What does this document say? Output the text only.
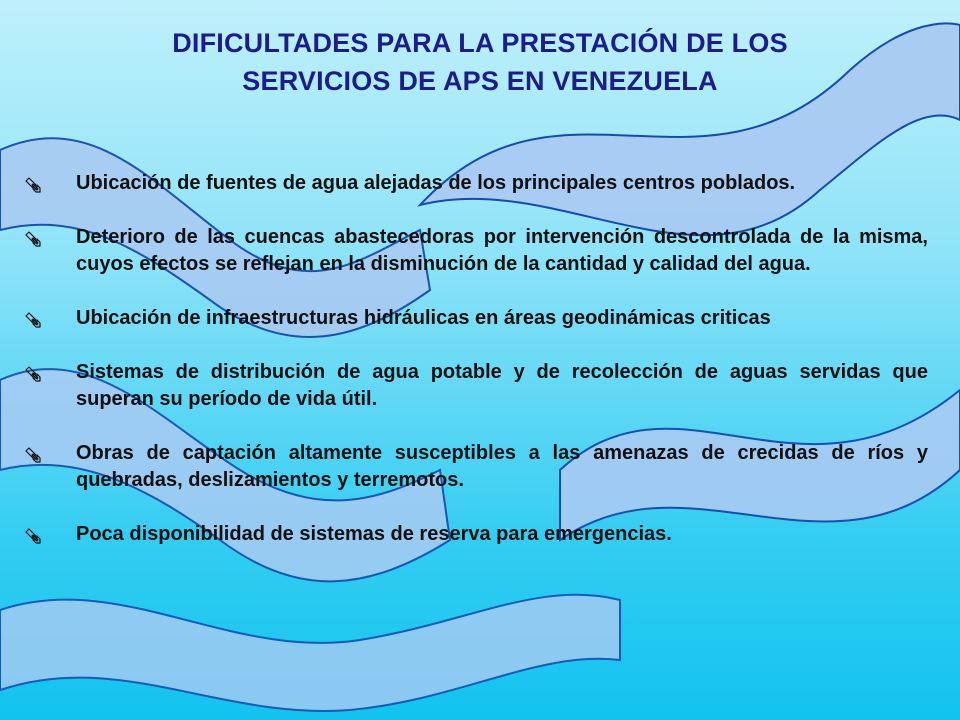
DIFICULTADES PARA LA PRESTACIÓN DE LOS
SERVICIOS DE APS EN VENEZUELA
Ubicación de fuentes de agua alejadas de los principales centros poblados.
Deterioro de las cuencas abastecedoras por intervención descontrolada de la misma, cuyos efectos se reflejan en la disminución de la cantidad y calidad del agua.
Ubicación de infraestructuras hidráulicas en áreas geodinámicas criticas
Sistemas de distribución de agua potable y de recolección de aguas servidas que superan su período de vida útil.
Obras de captación altamente susceptibles a las amenazas de crecidas de ríos y quebradas, deslizamientos y terremotos.
Poca disponibilidad de sistemas de reserva para emergencias.
